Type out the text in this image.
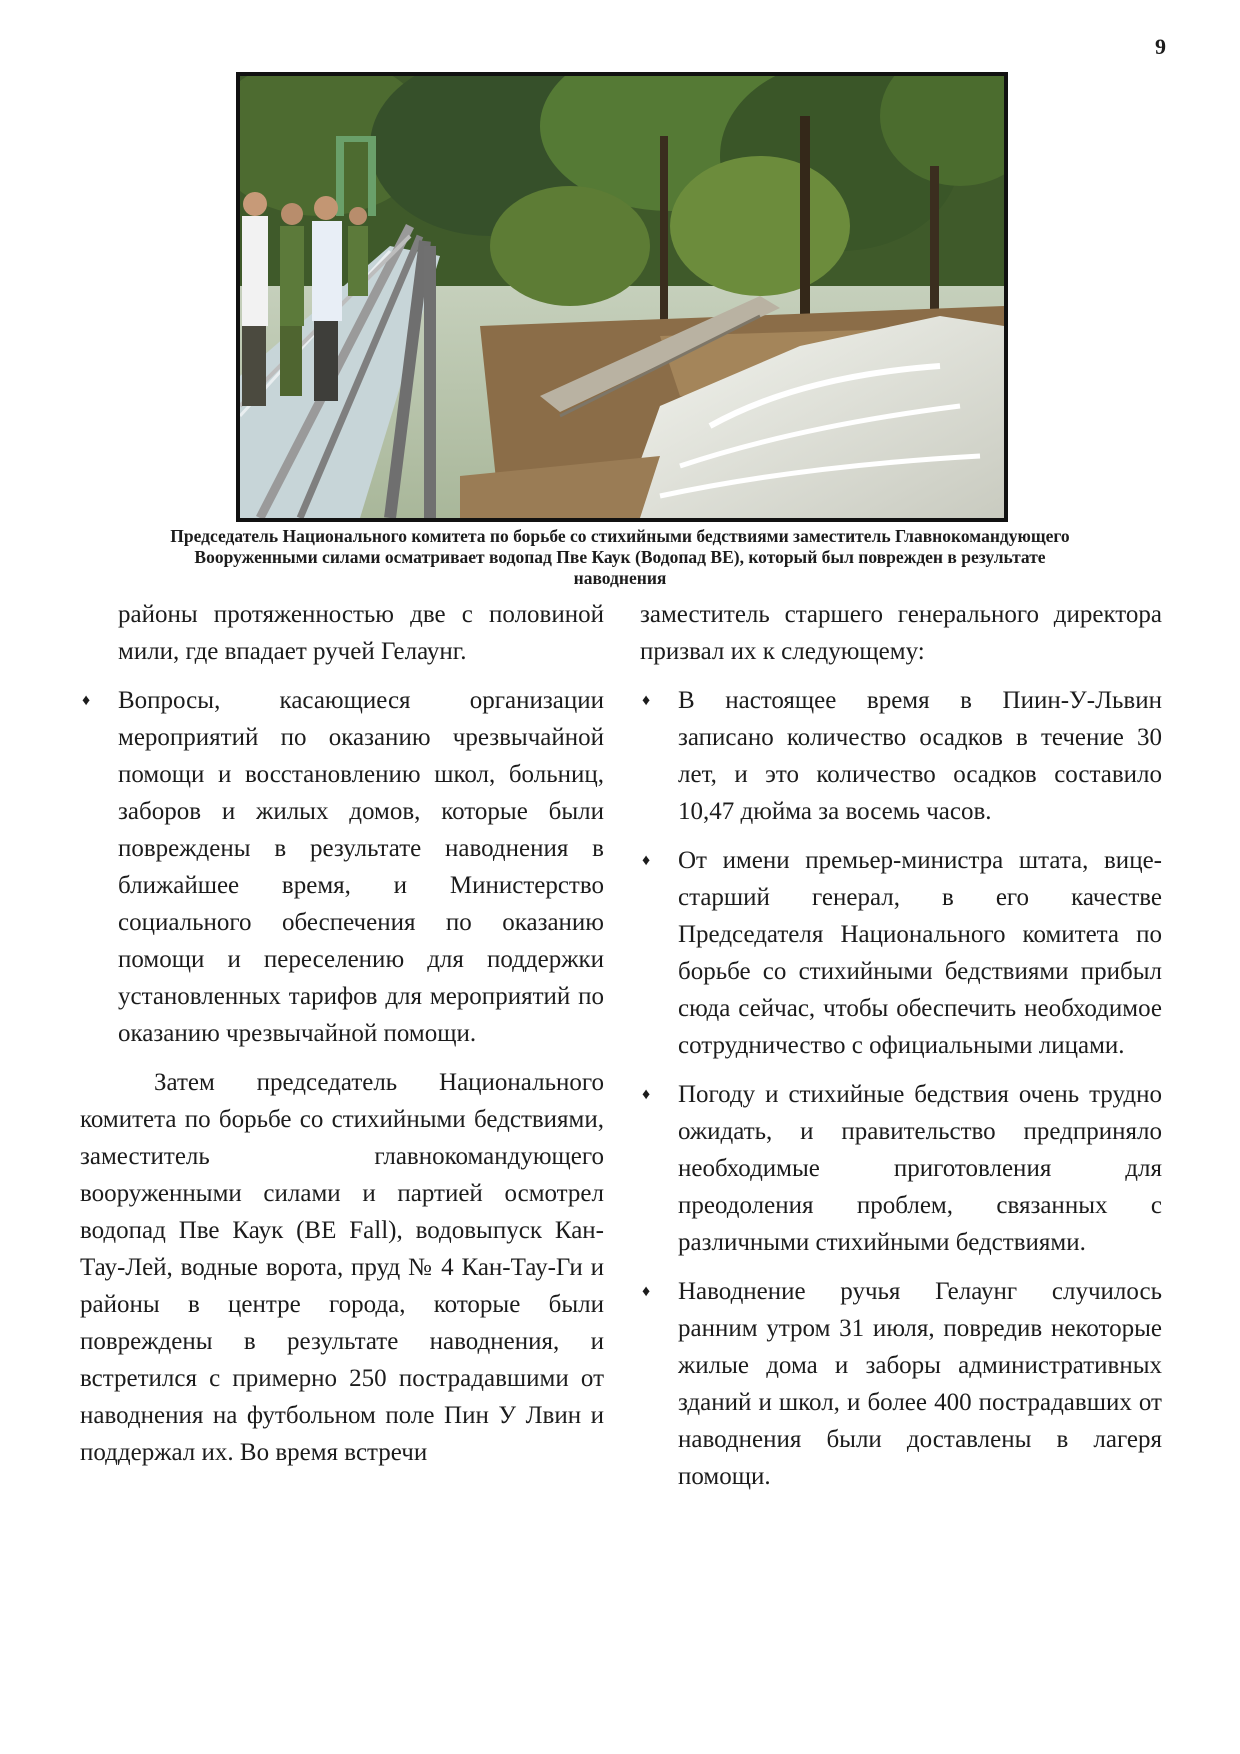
9
Председатель Национального комитета по борьбе со стихийными бедствиями заместитель Главнокомандующего Вооруженными силами осматривает водопад Пве Каук (Водопад ВЕ), который был поврежден в результате наводнения

районы протяженностью две с половиной мили, где впадает ручей Гелаунг.

♦ Вопросы, касающиеся организации мероприятий по оказанию чрезвычайной помощи и восстановлению школ, больниц, заборов и жилых домов, которые были повреждены в результате наводнения в ближайшее время, и Министерство социального обеспечения по оказанию помощи и переселению для поддержки установленных тарифов для мероприятий по оказанию чрезвычайной помощи.

Затем председатель Национального комитета по борьбе со стихийными бедствиями, заместитель главнокомандующего вооруженными силами и партией осмотрел водопад Пве Каук (BE Fall), водовыпуск Кан-Тау-Лей, водные ворота, пруд № 4 Кан-Тау-Ги и районы в центре города, которые были повреждены в результате наводнения, и встретился с примерно 250 пострадавшими от наводнения на футбольном поле Пин У Лвин и поддержал их. Во время встречи

заместитель старшего генерального директора призвал их к следующему:

♦ В настоящее время в Пиин-У-Львин записано количество осадков в течение 30 лет, и это количество осадков составило 10,47 дюйма за восемь часов.
♦ От имени премьер-министра штата, вице-старший генерал, в его качестве Председателя Национального комитета по борьбе со стихийными бедствиями прибыл сюда сейчас, чтобы обеспечить необходимое сотрудничество с официальными лицами.
♦ Погоду и стихийные бедствия очень трудно ожидать, и правительство предприняло необходимые приготовления для преодоления проблем, связанных с различными стихийными бедствиями.
♦ Наводнение ручья Гелаунг случилось ранним утром 31 июля, повредив некоторые жилые дома и заборы административных зданий и школ, и более 400 пострадавших от наводнения были доставлены в лагеря помощи.
